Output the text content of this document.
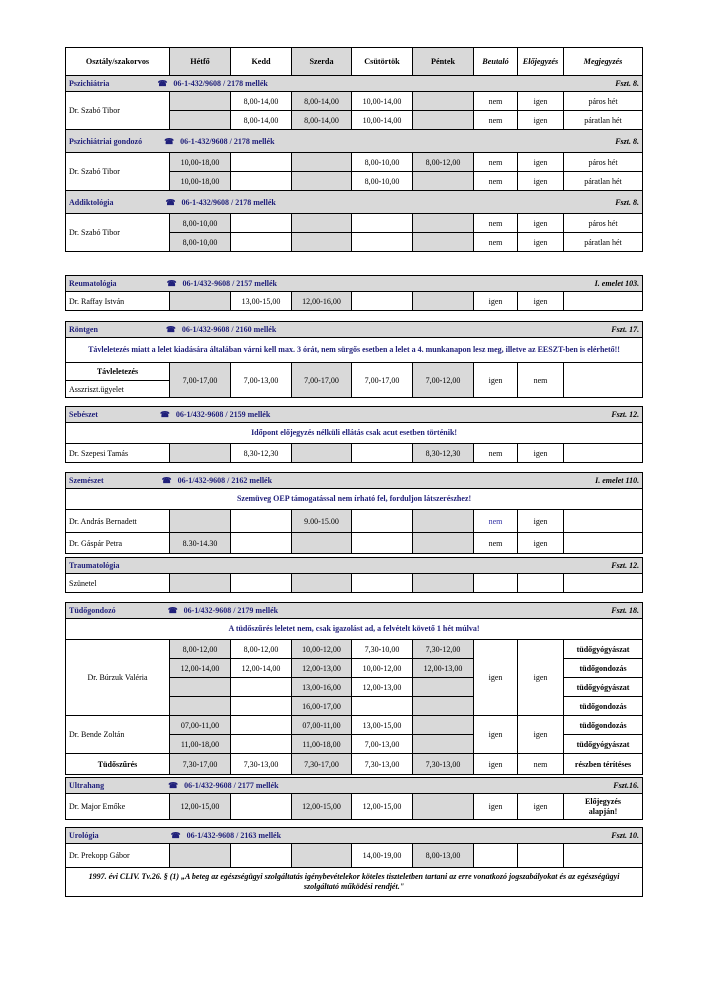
Osztály/szakorvos	Hétfő	Kedd	Szerda	Csütörtök	Péntek	Beutaló	Előjegyzés	Megjegyzés
Pszichiátria ☎ 06-1-432/9608 / 2178 mellék Fszt. 8.								

Dr. Szabó Tibor		8,00-14,00	8,00-14,00	10,00-14,00		nem	igen	páros hét
		8,00-14,00	8,00-14,00	10,00-14,00		nem	igen	páratlan hét
Pszichiátriai gondozó ☎ 06-1-432/9608 / 2178 mellék Fszt. 8.								

Dr. Szabó Tibor	10,00-18,00			8,00-10,00	8,00-12,00	nem	igen	páros hét
	10,00-18,00			8,00-10,00		nem	igen	páratlan hét
Addiktológia ☎ 06-1-432/9608 / 2178 mellék Fszt. 8.								

Dr. Szabó Tibor	8,00-10,00					nem	igen	páros hét
	8,00-10,00					nem	igen	páratlan hét
Reumatológia	☎ 06-1/432-9608 / 2157 mellék	I. emelet 103.

Dr. Raffay István		13,00-15,00	12,00-16,00			igen	igen	
Röntgen	☎ 06-1/432-9608 / 2160 mellék	Fszt. 17.

Távleletezés miatt a lelet kiadására általában várni kell max. 3 órát, nem sürgős esetben a lelet a 4. munkanapon lesz meg, illetve az EESZT-ben is elérhető!!
Távleletezés	7,00-17,00	7,00-13,00	7,00-17,00	7,00-17,00	7,00-12,00	igen	nem	
Asszriszt.ügyelet
Sebészet	☎ 06-1/432-9608 / 2159 mellék	Fszt. 12.

Időpont előjegyzés nélküli ellátás csak acut esetben történik!
Dr. Szepesi Tamás		8,30-12,30			8,30-12,30	nem	igen	
Szemészet ☎ 06-1/432-9608 / 2162 mellék I. emelet 110.								

Szemüveg OEP támogatással nem írható fel, forduljon látszerészhez!								
Dr. András Bernadett			9.00-15.00			nem	igen	
Dr. Gáspár Petra	8.30-14.30					nem	igen	
Traumatológia	Fszt. 12.

Szünetel								
Tüdőgondozó ☎ 06-1/432-9608 / 2179 mellék Fszt. 18.								

A tüdőszűrés leletet nem, csak igazolást ad, a felvételt követő 1 hét múlva!								
Dr. Búrzuk Valéria	8,00-12,00	8,00-12,00	10,00-12,00	7,30-10,00	7,30-12,00	igen	igen	tüdőgyógyászat
	12,00-14,00	12,00-14,00	12,00-13,00	10,00-12,00	12,00-13,00			tüdőgondozás
			13,00-16,00	12,00-13,00				tüdőgyógyászat
			16,00-17,00					tüdőgondozás
Dr. Bende Zoltán	07,00-11,00		07,00-11,00	13,00-15,00		igen	igen	tüdőgondozás
	11,00-18,00		11,00-18,00	7,00-13,00				tüdőgyógyászat
Tüdőszűrés	7,30-17,00	7,30-13,00	7,30-17,00	7,30-13,00	7,30-13,00	igen	nem	részben térítéses
Ultrahang	☎ 06-1/432-9608 / 2177 mellék	Fszt.16.

Dr. Major Emőke	12,00-15,00		12,00-15,00	12,00-15,00		igen	igen	
Előjegyzés
alapján!
Urológia	☎ 06-1/432-9608 / 2163 mellék	Fszt. 10.

Dr. Prekopp Gábor				14,00-19,00	8,00-13,00			
1997. évi CLIV. Tv.26. § (1) „A beteg az egészségügyi szolgáltatás igénybevételekor köteles tiszteletben tartani az erre vonatkozó jogszabályokat és az egészségügyi szolgáltató működési rendjét."
